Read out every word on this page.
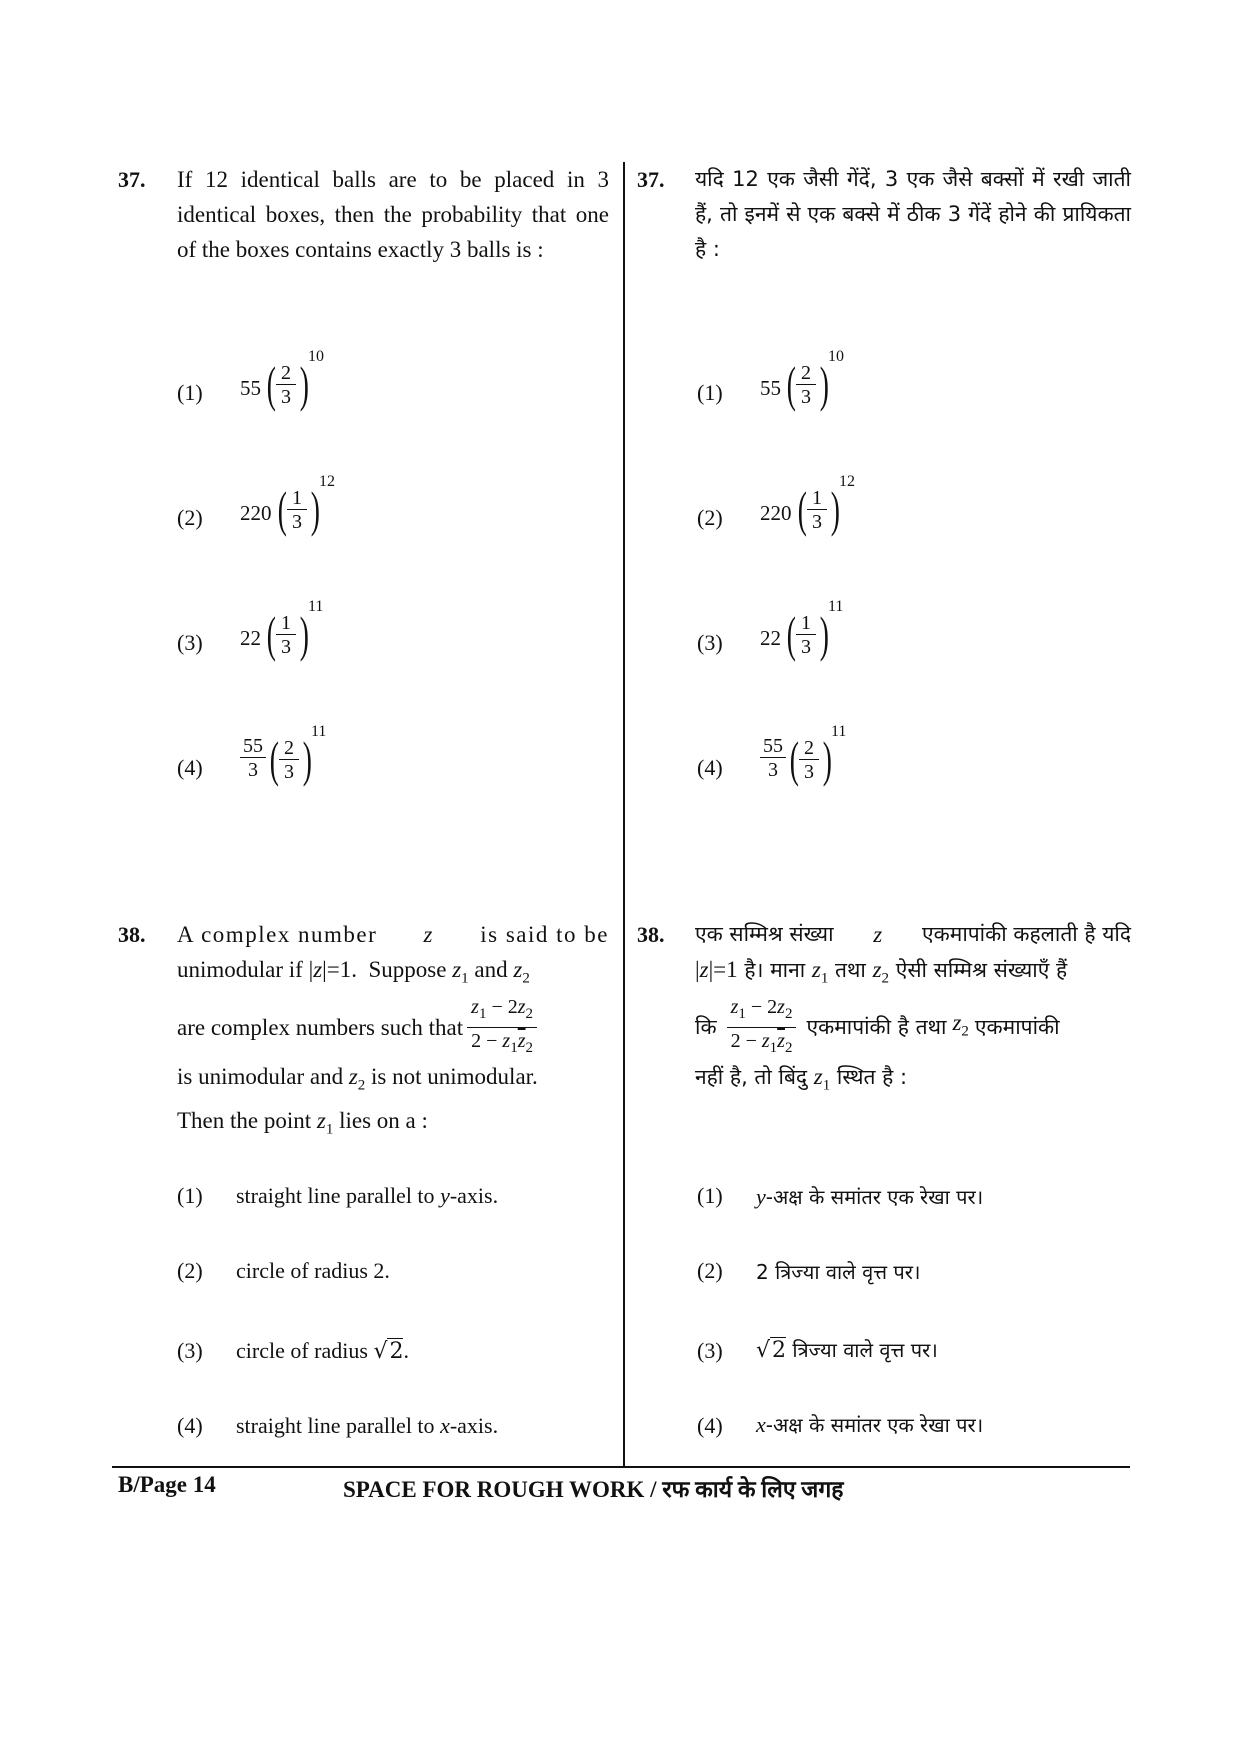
37. If 12 identical balls are to be placed in 3 identical boxes, then the probability that one of the boxes contains exactly 3 balls is :
37. यदि 12 एक जैसी गेंदें, 3 एक जैसे बक्सों में रखी जाती हैं, तो इनमें से एक बक्से में ठीक 3 गेंदें होने की प्रायिकता है :
(1) 55 ( $\frac{2}{3}$ ) 10
(2) 220 ( $\frac{1}{3}$ ) 12
(3) 22 ( $\frac{1}{3}$ ) 11
$(4) \frac{55}{3}$ ( $\frac{2}{3}$ ) 11
(1) 55 ( $\frac{2}{3}$ ) 10
(2) 220 ( $\frac{1}{3}$ ) 12
(3) 22 ( $\frac{1}{3}$ ) 11
$(4) \frac{55}{3}$ ( $\frac{2}{3}$ ) 11
38. A complex number z is said to be
unimodular if |z|=1.  Suppose $z_1$ and $z_2$
are complex numbers such that $\frac{z_1 - 2z_2}{2 - z_1\overline{z}_2}$
is unimodular and $z_2$ is not unimodular.
Then the point $z_1$ lies on a :
38. एक सम्मिश्र संख्या z एकमापांकी कहलाती है यदि
|z|=1 है। माना $z_1$ तथा $z_2$ ऐसी सम्मिश्र संख्याएँ हैं
कि $\frac{z_1 - 2z_2}{2 - z_1\overline{z}_2}$ एकमापांकी है तथा $z_2$ एकमापांकी
नहीं है, तो बिंदु $z_1$ स्थित है :
(1) straight line parallel to y-axis.
(2) circle of radius 2.
(3) circle of radius √2.
(4) straight line parallel to x-axis.
(1) y-अक्ष के समांतर एक रेखा पर।
(2) 2 त्रिज्या वाले वृत्त पर।
(3) √2 त्रिज्या वाले वृत्त पर।
(4) x-अक्ष के समांतर एक रेखा पर।
B/Page 14	SPACE FOR ROUGH WORK / रफ कार्य के लिए जगह
